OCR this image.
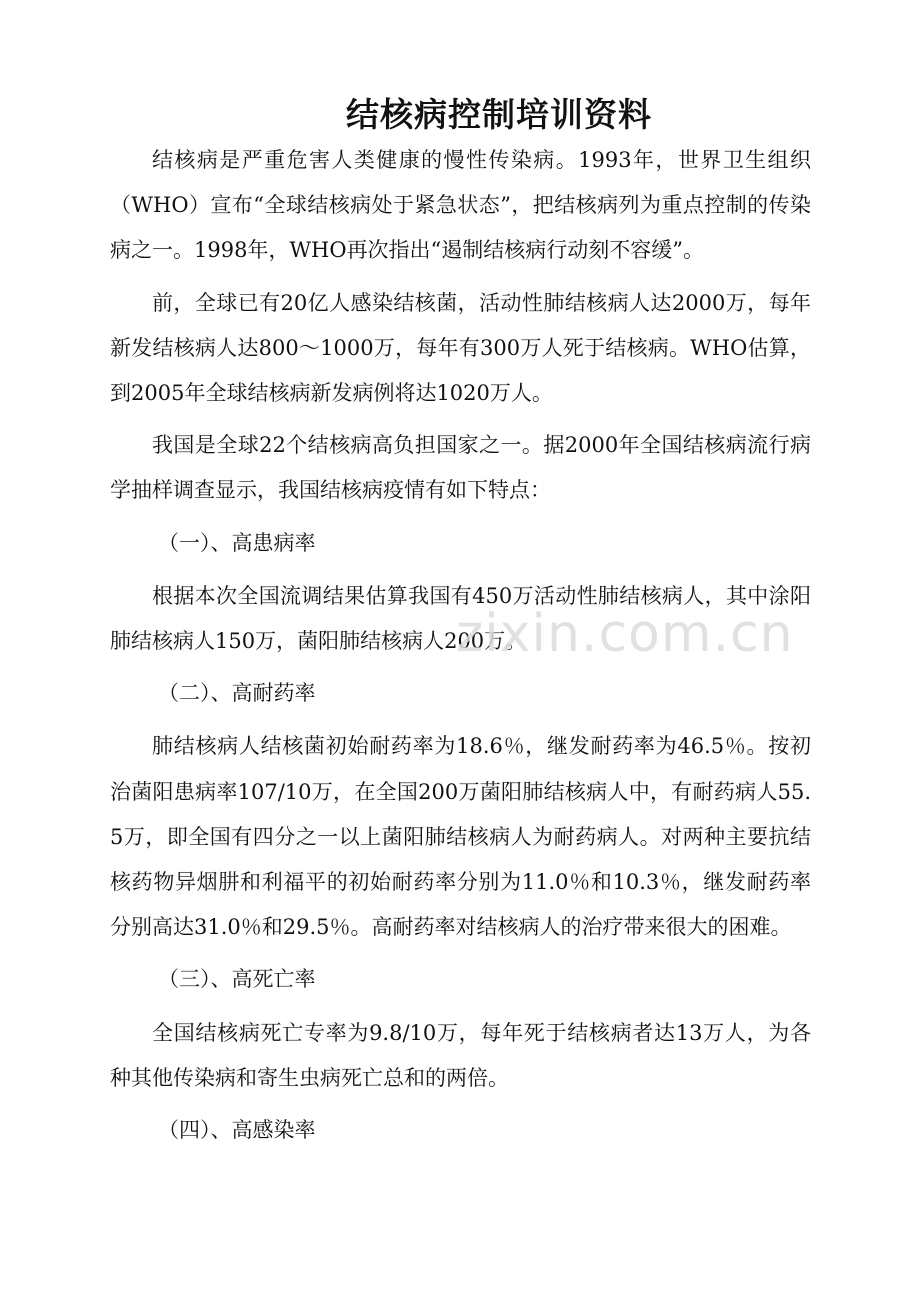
结核病控制培训资料

结核病是严重危害人类健康的慢性传染病。1993年，世界卫生组织（WHO）宣布“全球结核病处于紧急状态”，把结核病列为重点控制的传染病之一。1998年，WHO再次指出“遏制结核病行动刻不容缓”。

前，全球已有20亿人感染结核菌，活动性肺结核病人达2000万，每年新发结核病人达800～1000万，每年有300万人死于结核病。WHO估算，到2005年全球结核病新发病例将达1020万人。

我国是全球22个结核病高负担国家之一。据2000年全国结核病流行病学抽样调查显示，我国结核病疫情有如下特点：

（一）、高患病率

根据本次全国流调结果估算我国有450万活动性肺结核病人，其中涂阳肺结核病人150万，菌阳肺结核病人200万。

（二）、高耐药率

肺结核病人结核菌初始耐药率为18.6％，继发耐药率为46.5％。按初治菌阳患病率107/10万，在全国200万菌阳肺结核病人中，有耐药病人55.5万，即全国有四分之一以上菌阳肺结核病人为耐药病人。对两种主要抗结核药物异烟肼和利福平的初始耐药率分别为11.0％和10.3％，继发耐药率分别高达31.0％和29.5％。高耐药率对结核病人的治疗带来很大的困难。

（三）、高死亡率

全国结核病死亡专率为9.8/10万，每年死于结核病者达13万人，为各种其他传染病和寄生虫病死亡总和的两倍。

（四）、高感染率

zixin.com.cn
